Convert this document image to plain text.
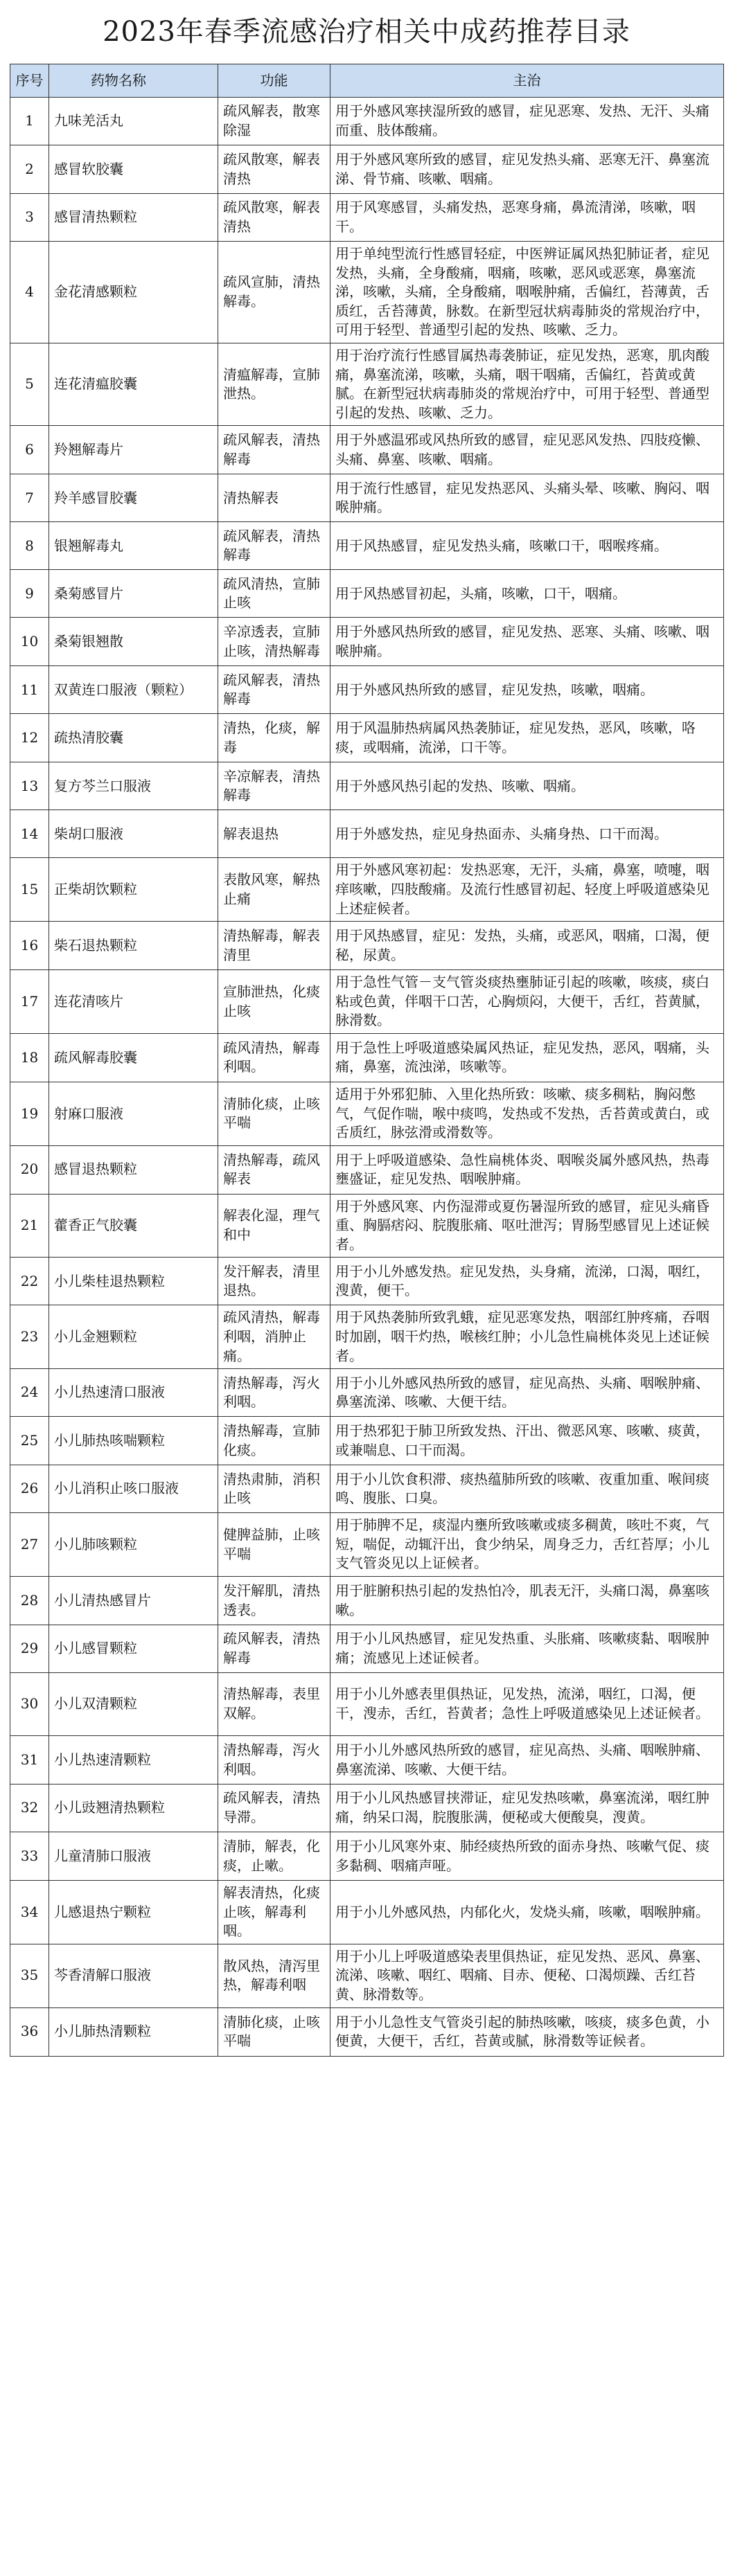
2023年春季流感治疗相关中成药推荐目录
序号	药物名称	功能	主治
1	九味羌活丸	疏风解表，散寒除湿	用于外感风寒挟湿所致的感冒，症见恶寒、发热、无汗、头痛而重、肢体酸痛。
2	感冒软胶囊	疏风散寒，解表清热	用于外感风寒所致的感冒，症见发热头痛、恶寒无汗、鼻塞流涕、骨节痛、咳嗽、咽痛。
3	感冒清热颗粒	疏风散寒，解表清热	用于风寒感冒，头痛发热，恶寒身痛，鼻流清涕，咳嗽，咽干。
4	金花清感颗粒	疏风宣肺，清热解毒。	用于单纯型流行性感冒轻症，中医辨证属风热犯肺证者，症见发热，头痛，全身酸痛，咽痛，咳嗽，恶风或恶寒，鼻塞流涕，咳嗽，头痛，全身酸痛，咽喉肿痛，舌偏红，苔薄黄，舌质红，舌苔薄黄，脉数。在新型冠状病毒肺炎的常规治疗中，可用于轻型、普通型引起的发热、咳嗽、乏力。
5	连花清瘟胶囊	清瘟解毒，宣肺泄热。	用于治疗流行性感冒属热毒袭肺证，症见发热，恶寒，肌肉酸痛，鼻塞流涕，咳嗽，头痛，咽干咽痛，舌偏红，苔黄或黄腻。在新型冠状病毒肺炎的常规治疗中，可用于轻型、普通型引起的发热、咳嗽、乏力。
6	羚翘解毒片	疏风解表，清热解毒	用于外感温邪或风热所致的感冒，症见恶风发热、四肢疫懒、头痛、鼻塞、咳嗽、咽痛。
7	羚羊感冒胶囊	清热解表	用于流行性感冒，症见发热恶风、头痛头晕、咳嗽、胸闷、咽喉肿痛。
8	银翘解毒丸	疏风解表，清热解毒	用于风热感冒，症见发热头痛，咳嗽口干，咽喉疼痛。
9	桑菊感冒片	疏风清热，宣肺止咳	用于风热感冒初起，头痛，咳嗽，口干，咽痛。
10	桑菊银翘散	辛凉透表，宣肺止咳，清热解毒	用于外感风热所致的感冒，症见发热、恶寒、头痛、咳嗽、咽喉肿痛。
11	双黄连口服液（颗粒）	疏风解表，清热解毒	用于外感风热所致的感冒，症见发热，咳嗽，咽痛。
12	疏热清胶囊	清热，化痰，解毒	用于风温肺热病属风热袭肺证，症见发热，恶风，咳嗽，咯痰，或咽痛，流涕，口干等。
13	复方芩兰口服液	辛凉解表，清热解毒	用于外感风热引起的发热、咳嗽、咽痛。
14	柴胡口服液	解表退热	用于外感发热，症见身热面赤、头痛身热、口干而渴。
15	正柴胡饮颗粒	表散风寒，解热止痛	用于外感风寒初起：发热恶寒，无汗，头痛，鼻塞，喷嚏，咽痒咳嗽，四肢酸痛。及流行性感冒初起、轻度上呼吸道感染见上述症候者。
16	柴石退热颗粒	清热解毒，解表清里	用于风热感冒，症见：发热，头痛，或恶风，咽痛，口渴，便秘，尿黄。
17	连花清咳片	宣肺泄热，化痰止咳	用于急性气管－支气管炎痰热壅肺证引起的咳嗽，咳痰，痰白粘或色黄，伴咽干口苦，心胸烦闷，大便干，舌红，苔黄腻，脉滑数。
18	疏风解毒胶囊	疏风清热，解毒利咽。	用于急性上呼吸道感染属风热证，症见发热，恶风，咽痛，头痛，鼻塞，流浊涕，咳嗽等。
19	射麻口服液	清肺化痰，止咳平喘	适用于外邪犯肺、入里化热所致：咳嗽、痰多稠粘，胸闷憋气，气促作喘，喉中痰鸣，发热或不发热，舌苔黄或黄白，或舌质红，脉弦滑或滑数等。
20	感冒退热颗粒	清热解毒，疏风解表	用于上呼吸道感染、急性扁桃体炎、咽喉炎属外感风热，热毒壅盛证，症见发热、咽喉肿痛。
21	藿香正气胶囊	解表化湿，理气和中	用于外感风寒、内伤湿滞或夏伤暑湿所致的感冒，症见头痛昏重、胸膈痞闷、脘腹胀痛、呕吐泄泻；胃肠型感冒见上述证候者。
22	小儿柴桂退热颗粒	发汗解表，清里退热。	用于小儿外感发热。症见发热，头身痛，流涕，口渴，咽红，溲黄，便干。
23	小儿金翘颗粒	疏风清热，解毒利咽，消肿止痛。	用于风热袭肺所致乳蛾，症见恶寒发热，咽部红肿疼痛，吞咽时加剧，咽干灼热，喉核红肿；小儿急性扁桃体炎见上述证候者。
24	小儿热速清口服液	清热解毒，泻火利咽。	用于小儿外感风热所致的感冒，症见高热、头痛、咽喉肿痛、鼻塞流涕、咳嗽、大便干结。
25	小儿肺热咳喘颗粒	清热解毒，宣肺化痰。	用于热邪犯于肺卫所致发热、汗出、微恶风寒、咳嗽、痰黄，或兼喘息、口干而渴。
26	小儿消积止咳口服液	清热肃肺，消积止咳	用于小儿饮食积滞、痰热蕴肺所致的咳嗽、夜重加重、喉间痰鸣、腹胀、口臭。
27	小儿肺咳颗粒	健脾益肺，止咳平喘	用于肺脾不足，痰湿内壅所致咳嗽或痰多稠黄，咳吐不爽，气短，喘促，动辄汗出，食少纳呆，周身乏力，舌红苔厚；小儿支气管炎见以上证候者。
28	小儿清热感冒片	发汗解肌，清热透表。	用于脏腑积热引起的发热怕冷，肌表无汗，头痛口渴，鼻塞咳嗽。
29	小儿感冒颗粒	疏风解表，清热解毒	用于小儿风热感冒，症见发热重、头胀痛、咳嗽痰黏、咽喉肿痛；流感见上述证候者。
30	小儿双清颗粒	清热解毒，表里双解。	用于小儿外感表里俱热证，见发热，流涕，咽红，口渴，便干，溲赤，舌红，苔黄者；急性上呼吸道感染见上述证候者。
31	小儿热速清颗粒	清热解毒，泻火利咽。	用于小儿外感风热所致的感冒，症见高热、头痛、咽喉肿痛、鼻塞流涕、咳嗽、大便干结。
32	小儿豉翘清热颗粒	疏风解表，清热导滞。	用于小儿风热感冒挟滞证，症见发热咳嗽，鼻塞流涕，咽红肿痛，纳呆口渴，脘腹胀满，便秘或大便酸臭，溲黄。
33	儿童清肺口服液	清肺，解表，化痰，止嗽。	用于小儿风寒外束、肺经痰热所致的面赤身热、咳嗽气促、痰多黏稠、咽痛声哑。
34	儿感退热宁颗粒	解表清热，化痰止咳，解毒利咽。	用于小儿外感风热，内郁化火，发烧头痛，咳嗽，咽喉肿痛。
35	芩香清解口服液	散风热，清泻里热，解毒利咽	用于小儿上呼吸道感染表里俱热证，症见发热、恶风、鼻塞、流涕、咳嗽、咽红、咽痛、目赤、便秘、口渴烦躁、舌红苔黄、脉滑数等。
36	小儿肺热清颗粒	清肺化痰，止咳平喘	用于小儿急性支气管炎引起的肺热咳嗽，咳痰，痰多色黄，小便黄，大便干，舌红，苔黄或腻，脉滑数等证候者。
